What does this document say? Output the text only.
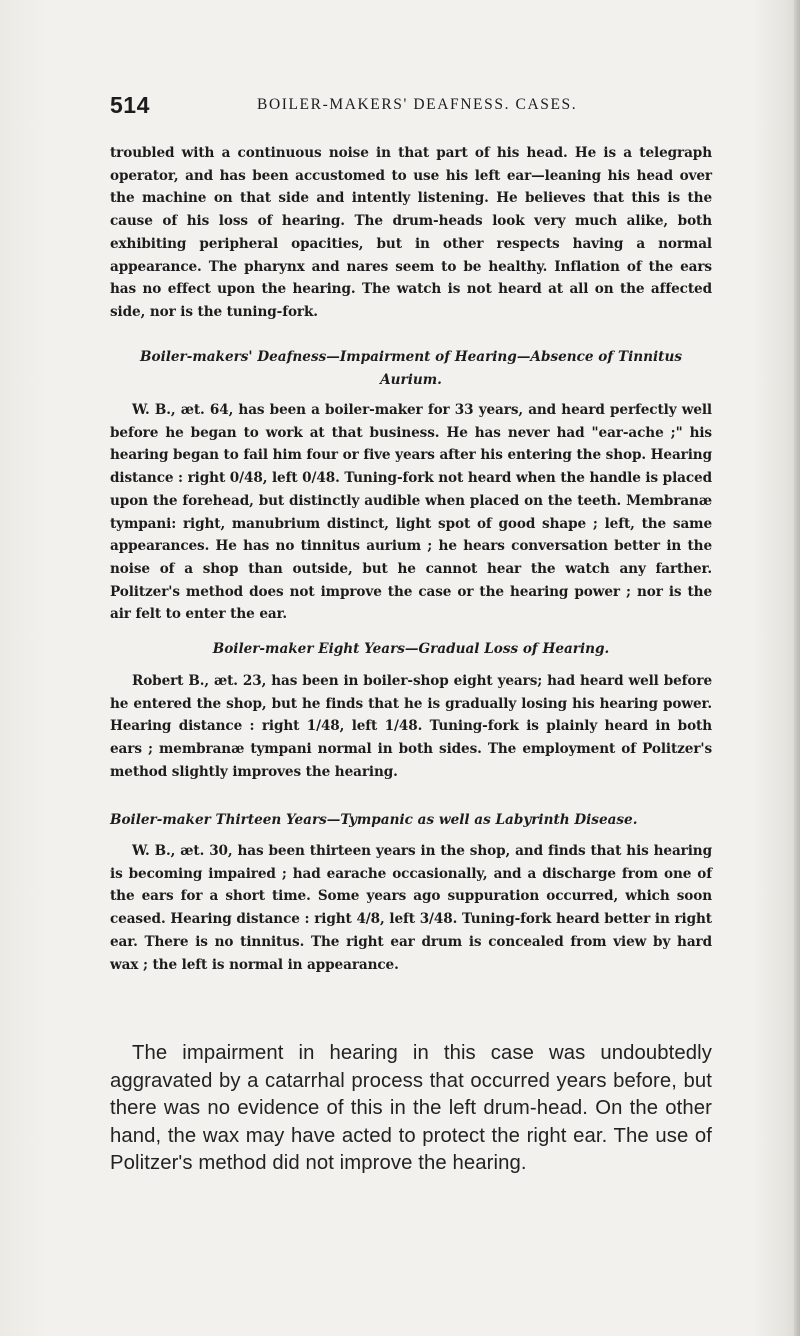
514	BOILER-MAKERS' DEAFNESS. CASES.

troubled with a continuous noise in that part of his head. He is a telegraph operator, and has been accustomed to use his left ear—leaning his head over the machine on that side and intently listening. He believes that this is the cause of his loss of hearing. The drum-heads look very much alike, both exhibiting peripheral opacities, but in other respects having a normal appearance. The pharynx and nares seem to be healthy. Inflation of the ears has no effect upon the hearing. The watch is not heard at all on the affected side, nor is the tuning-fork.

Boiler-makers' Deafness—Impairment of Hearing—Absence of Tinnitus Aurium.

W. B., æt. 64, has been a boiler-maker for 33 years, and heard perfectly well before he began to work at that business. He has never had "ear-ache ;" his hearing began to fail him four or five years after his entering the shop. Hearing distance : right 0/48, left 0/48. Tuning-fork not heard when the handle is placed upon the forehead, but distinctly audible when placed on the teeth. Membranæ tympani: right, manubrium distinct, light spot of good shape ; left, the same appearances. He has no tinnitus aurium ; he hears conversation better in the noise of a shop than outside, but he cannot hear the watch any farther. Politzer's method does not improve the case or the hearing power ; nor is the air felt to enter the ear.

Boiler-maker Eight Years—Gradual Loss of Hearing.

Robert B., æt. 23, has been in boiler-shop eight years; had heard well before he entered the shop, but he finds that he is gradually losing his hearing power. Hearing distance : right 1/48, left 1/48. Tuning-fork is plainly heard in both ears ; membranæ tympani normal in both sides. The employment of Politzer's method slightly improves the hearing.

Boiler-maker Thirteen Years—Tympanic as well as Labyrinth Disease.

W. B., æt. 30, has been thirteen years in the shop, and finds that his hearing is becoming impaired ; had earache occasionally, and a discharge from one of the ears for a short time. Some years ago suppuration occurred, which soon ceased. Hearing distance : right 4/8, left 3/48. Tuning-fork heard better in right ear. There is no tinnitus. The right ear drum is concealed from view by hard wax ; the left is normal in appearance.

The impairment in hearing in this case was undoubtedly aggravated by a catarrhal process that occurred years before, but there was no evidence of this in the left drum-head. On the other hand, the wax may have acted to protect the right ear. The use of Politzer's method did not improve the hearing.
